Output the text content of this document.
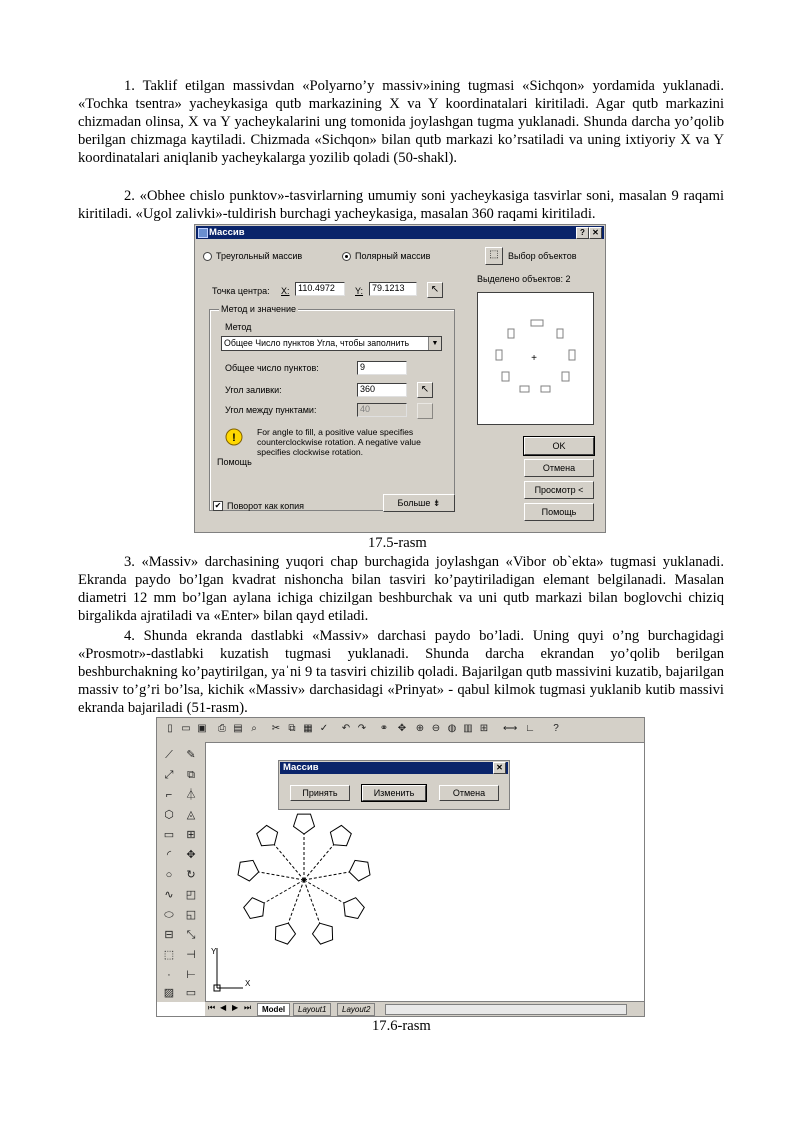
1. Taklif etilgan massivdan «Polyarno’y massiv»ining tugmasi «Sichqon» yordamida yuklanadi. «Tochka tsentra» yacheykasiga qutb markazining X va Y koordinatalari kiritiladi. Agar qutb markazini chizmadan olinsa, X va Y yacheykalarini ung tomonida joylashgan tugma yuklanadi. Shunda darcha yo’qolib berilgan chizmaga kaytiladi. Chizmada «Sichqon» bilan qutb markazi ko’rsatiladi va uning ixtiyoriy X va Y koordinatalari aniqlanib yacheykalarga yozilib qoladi (50-shakl).

2. «Obhee chislo punktov»-tasvirlarning umumiy soni yacheykasiga tasvirlar soni, masalan 9 raqami kiritiladi. «Ugol zalivki»-tuldirish burchagi yacheykasiga, masalan 360 raqami kiritiladi.

Массив	? ✕
Треугольный массив	Полярный массив	⬚	Выбор объектов
Выделено объектов: 2
Точка центра: X: 110.4972	Y: 79.1213	↖
Метод и значение
Метод
Общее Число пунктов Угла, чтобы заполнить	▼
Общее число пунктов:	9
Угол заливки:	360	↖
Угол между пунктами:	40
! For angle to fill, a positive value specifies counterclockwise rotation. A negative value specifies clockwise rotation.
Помощь
✔ Поворот как копия	Больше ⇟
+
OK
Отмена
Просмотр <
Помощь
17.5-rasm

3. «Massiv» darchasining yuqori chap burchagida joylashgan «Vibor ob`ekta» tugmasi yuklanadi. Ekranda paydo bo’lgan kvadrat nishoncha bilan tasviri ko’paytiriladigan elemant belgilanadi. Masalan diametri 12 mm bo’lgan aylana ichiga chizilgan beshburchak va uni qutb markazi bilan boglovchi chiziq birgalikda ajratiladi va «Enter» bilan qayd etiladi.

4. Shunda ekranda dastlabki «Massiv» darchasi paydo bo’ladi. Uning quyi o’ng burchagidagi «Prosmotr»-dastlabki kuzatish tugmasi yuklanadi. Shunda darcha ekrandan yo’qolib berilgan beshburchakning ko’paytirilgan, yaˈni 9 ta tasviri chizilib qoladi. Bajarilgan qutb massivini kuzatib, bajarilgan massiv to’g’ri bo’lsa, kichik «Massiv» darchasidagi «Prinyat» - qabul kilmok tugmasi yuklanib kutib massivi ekranda bajariladi (51-rasm).

▯ ▭ ▣	⎙ ▤ ⌕	✂ ⧉ ▦ ✓ ↶ ↷ ⚭ ✥ ⊕ ⊖ ◍ ▥ ⊞ ⟷ ∟	?
⟋
⤢
⌐
⬡
▭
◜
○
∿
⬭
⊟
⬚
·
▨
✎
⧉
⏃
◬
⊞
✥
↻
◰
◱
⤡
⊣
⊢
▭
*
Y
X
Массив	✕
Принять	Изменить	Отмена
⏮ ◀ ▶ ⏭	Model	Layout1	Layout2
17.6-rasm
